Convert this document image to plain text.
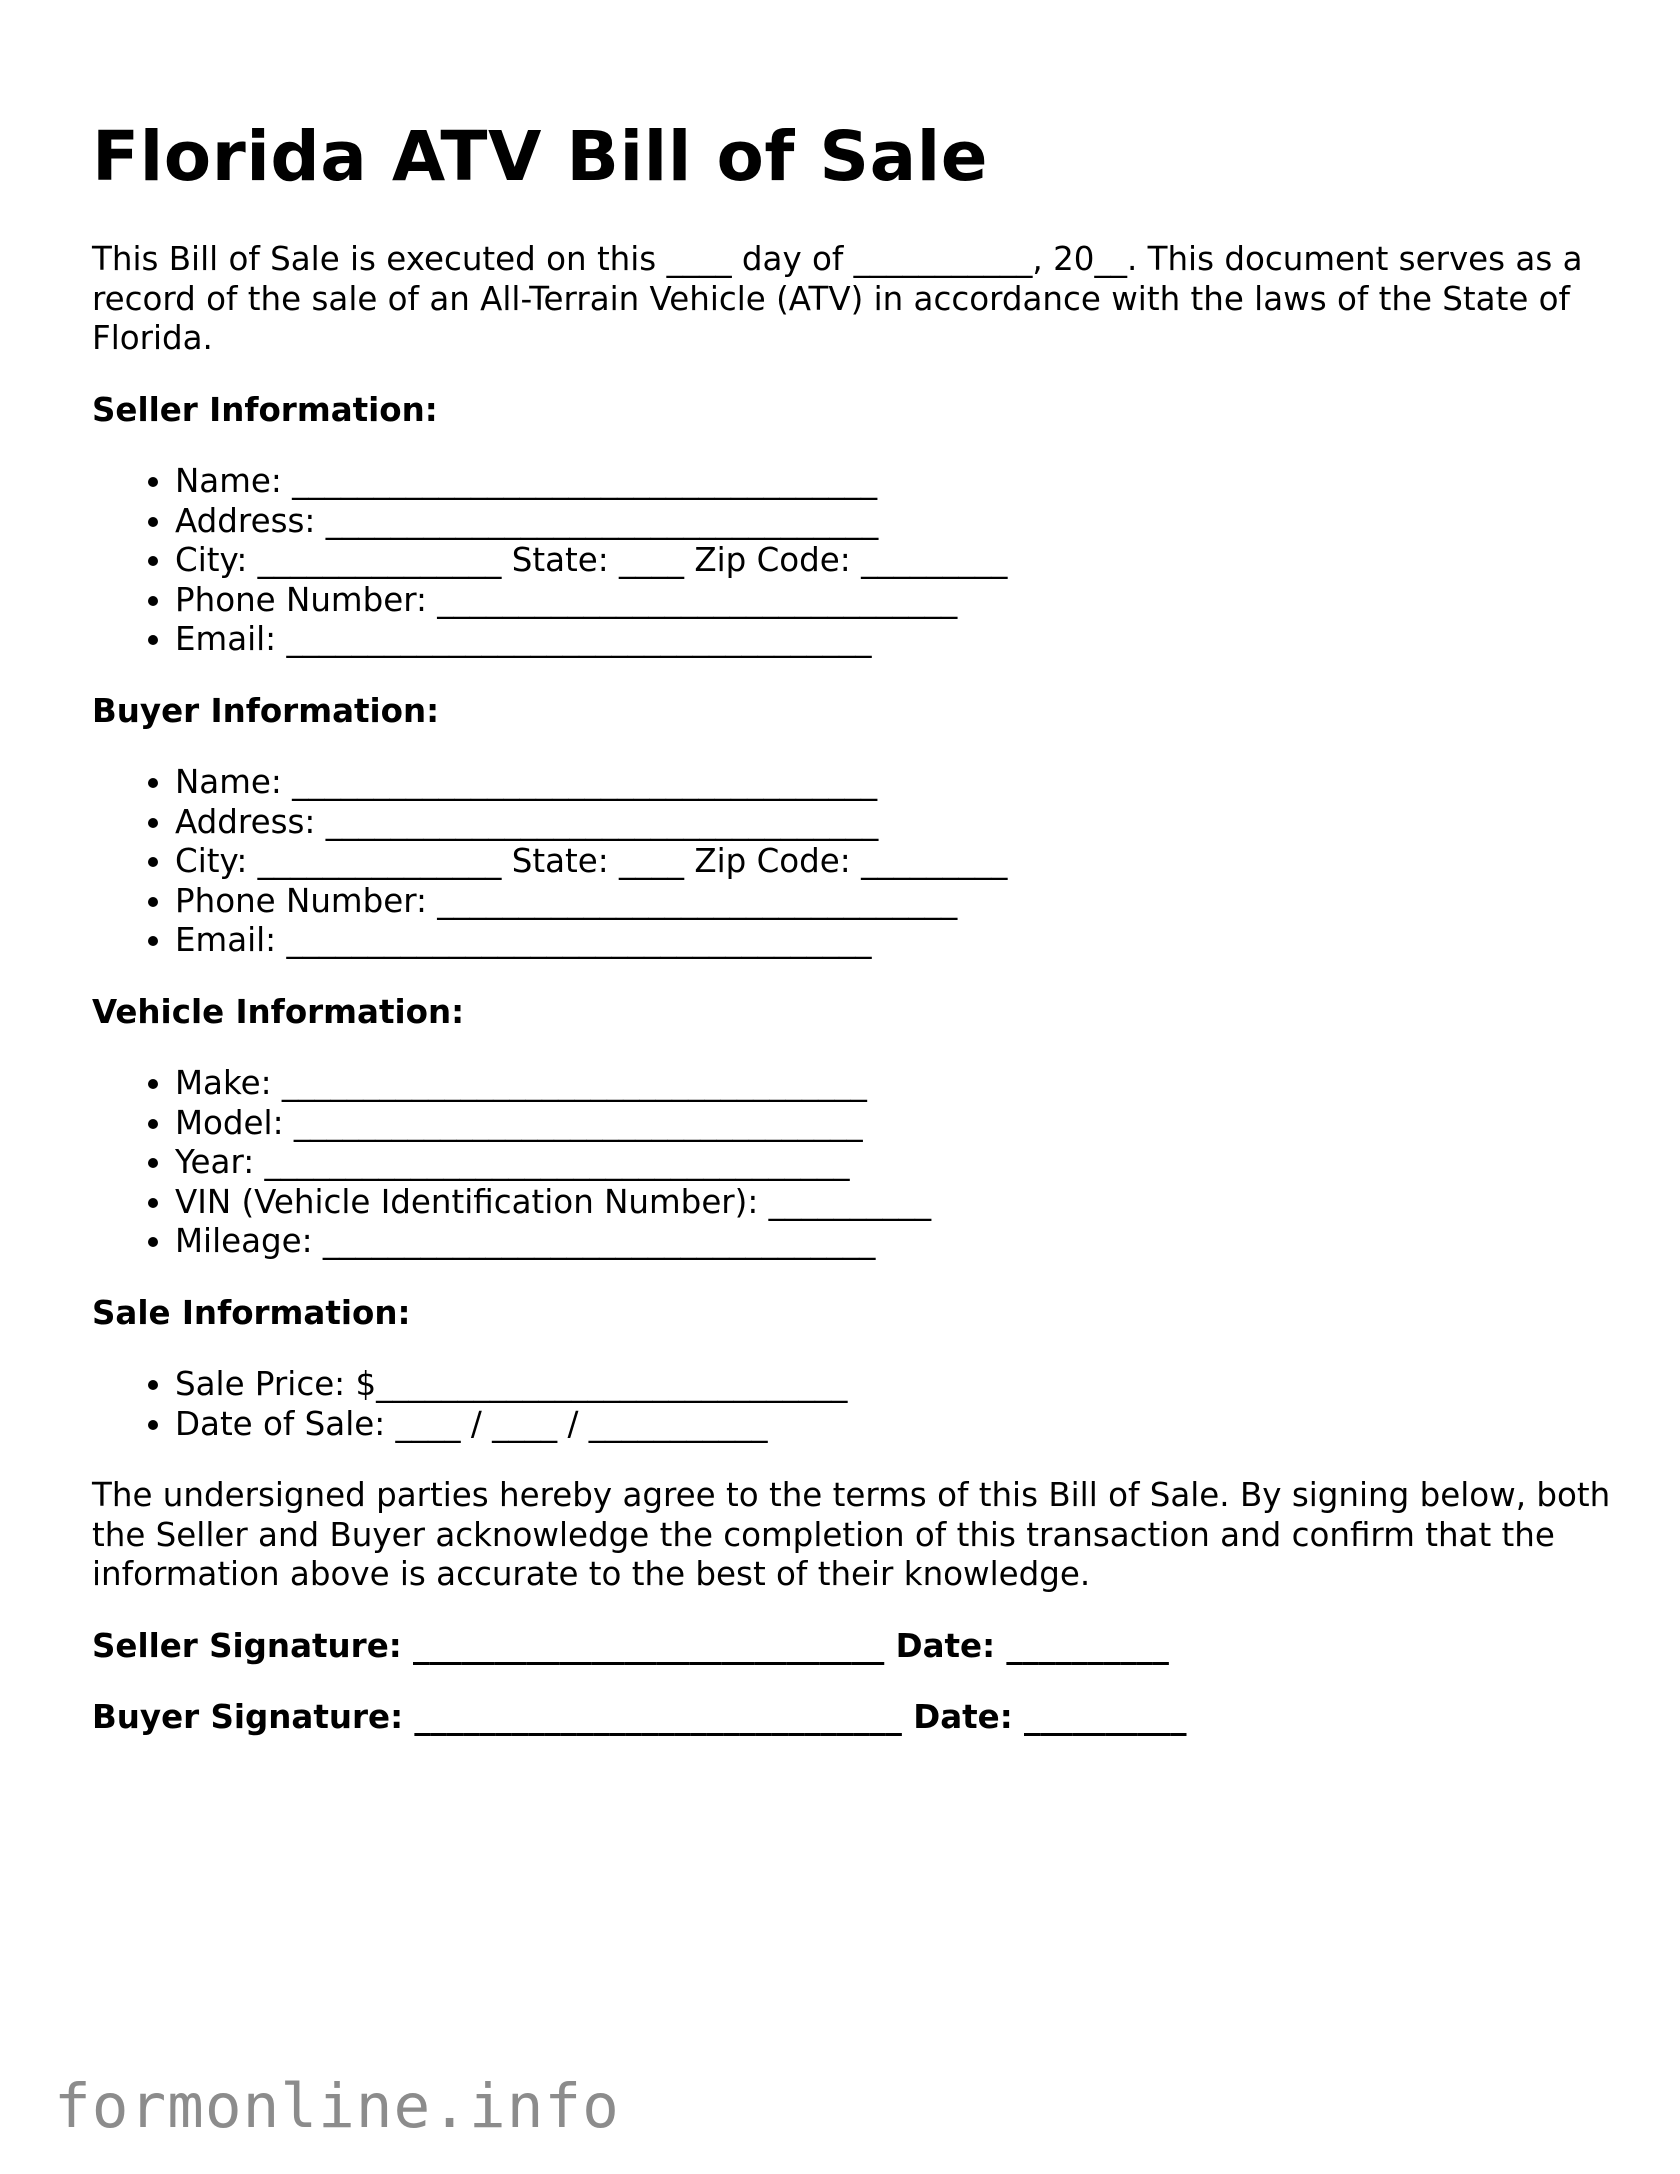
Florida ATV Bill of Sale

This Bill of Sale is executed on this ____ day of ___________, 20__. This document serves as a record of the sale of an All-Terrain Vehicle (ATV) in accordance with the laws of the State of Florida.

Seller Information:
• Name: ____________________________________
• Address: __________________________________
• City: _______________ State: ____ Zip Code: _________
• Phone Number: ________________________________
• Email: ____________________________________
Buyer Information:
• Name: ____________________________________
• Address: __________________________________
• City: _______________ State: ____ Zip Code: _________
• Phone Number: ________________________________
• Email: ____________________________________
Vehicle Information:
• Make: ____________________________________
• Model: ___________________________________
• Year: ____________________________________
• VIN (Vehicle Identification Number): __________
• Mileage: __________________________________
Sale Information:
• Sale Price: $_____________________________
• Date of Sale: ____ / ____ / ___________

The undersigned parties hereby agree to the terms of this Bill of Sale. By signing below, both the Seller and Buyer acknowledge the completion of this transaction and confirm that the information above is accurate to the best of their knowledge.

Seller Signature: _____________________________ Date: __________
Buyer Signature: ______________________________ Date: __________
formonline.info
